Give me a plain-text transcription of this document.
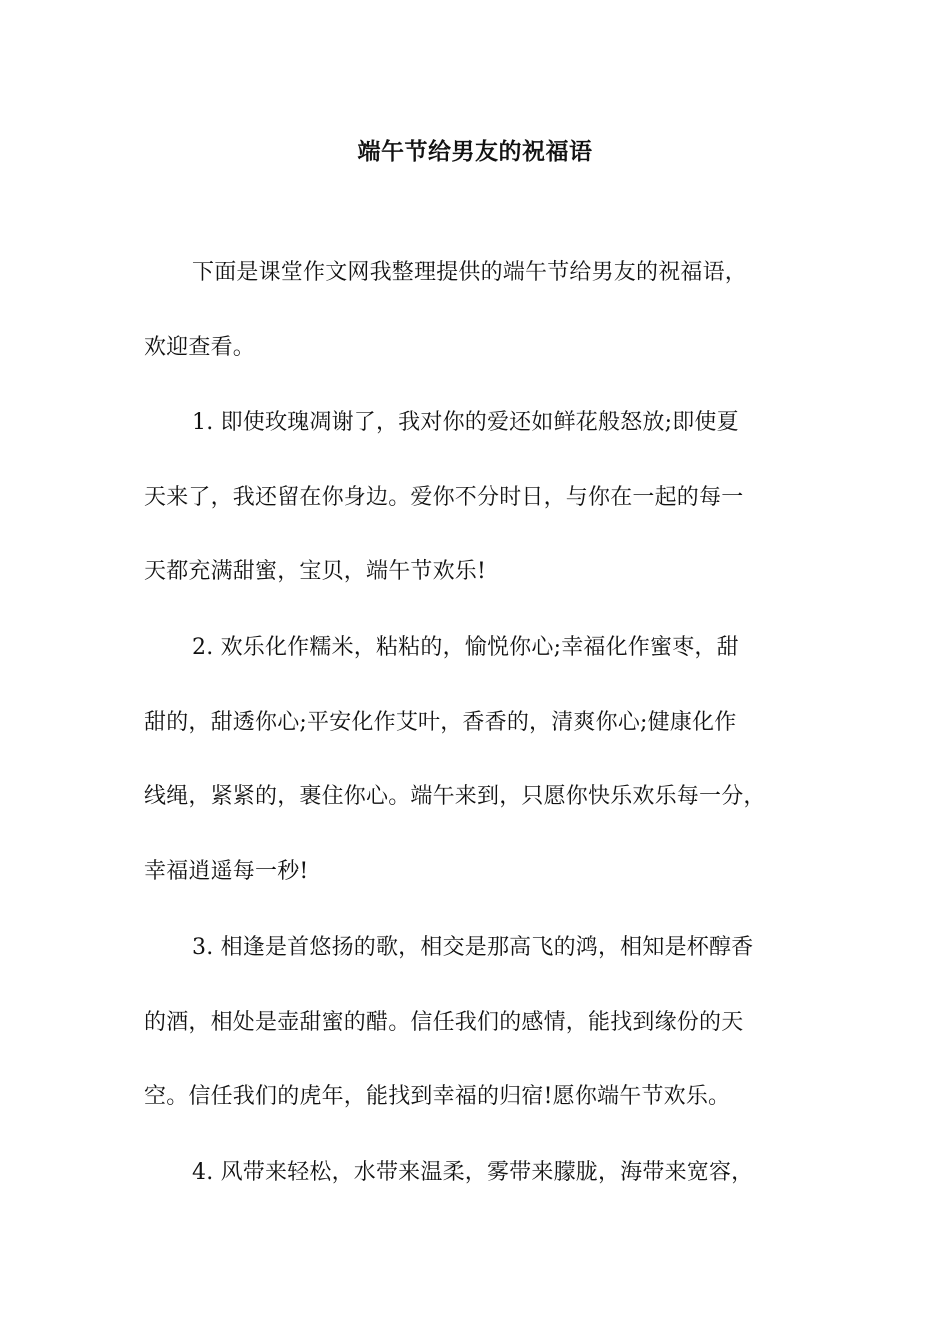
端午节给男友的祝福语
下面是课堂作文网我整理提供的端午节给男友的祝福语，
欢迎查看。
1. 即使玫瑰凋谢了，我对你的爱还如鲜花般怒放;即使夏
天来了，我还留在你身边。爱你不分时日，与你在一起的每一
天都充满甜蜜，宝贝，端午节欢乐!
2. 欢乐化作糯米，粘粘的，愉悦你心;幸福化作蜜枣，甜
甜的，甜透你心;平安化作艾叶，香香的，清爽你心;健康化作
线绳，紧紧的，裹住你心。端午来到，只愿你快乐欢乐每一分，
幸福逍遥每一秒!
3. 相逢是首悠扬的歌，相交是那高飞的鸿，相知是杯醇香
的酒，相处是壶甜蜜的醋。信任我们的感情，能找到缘份的天
空。信任我们的虎年，能找到幸福的归宿!愿你端午节欢乐。
4. 风带来轻松，水带来温柔，雾带来朦胧，海带来宽容，
